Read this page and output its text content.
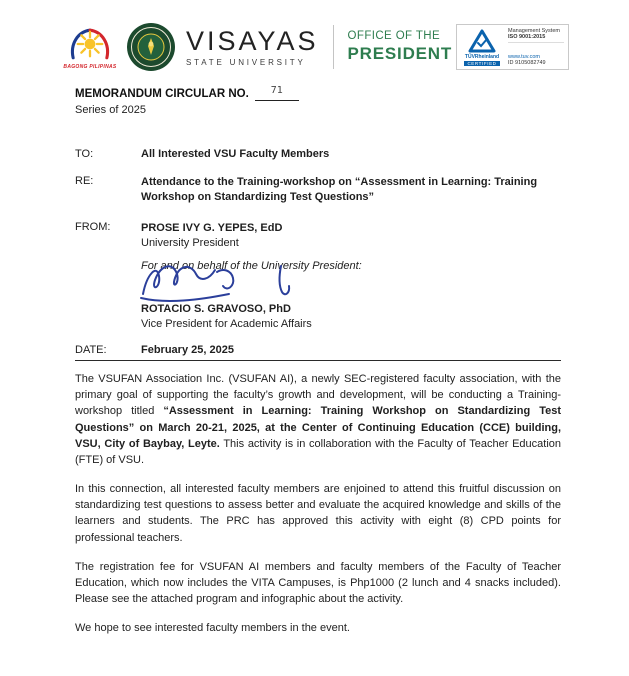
BAGONG PILIPINAS
VISAYAS
STATE UNIVERSITY
OFFICE OF THE
PRESIDENT	TÜVRheinland
CERTIFIED
Management System
ISO 9001:2015
www.tuv.com
ID 9105082749
MEMORANDUM CIRCULAR NO. 71
Series of 2025
TO:	All Interested VSU Faculty Members
RE:	Attendance to the Training-workshop on “Assessment in Learning: Training Workshop on Standardizing Test Questions”
FROM:	PROSE IVY G. YEPES, EdD
University President
For and on behalf of the University President:
ROTACIO S. GRAVOSO, PhD
Vice President for Academic Affairs
DATE:	February 25, 2025

The VSUFAN Association Inc. (VSUFAN AI), a newly SEC-registered faculty association, with the primary goal of supporting the faculty’s growth and development, will be conducting a Training-workshop titled “Assessment in Learning: Training Workshop on Standardizing Test Questions” on March 20-21, 2025, at the Center of Continuing Education (CCE) building, VSU, City of Baybay, Leyte. This activity is in collaboration with the Faculty of Teacher Education (FTE) of VSU.

In this connection, all interested faculty members are enjoined to attend this fruitful discussion on standardizing test questions to assess better and evaluate the acquired knowledge and skills of the learners and students. The PRC has approved this activity with eight (8) CPD points for professional teachers.

The registration fee for VSUFAN AI members and faculty members of the Faculty of Teacher Education, which now includes the VITA Campuses, is Php1000 (2 lunch and 4 snacks included). Please see the attached program and infographic about the activity.

We hope to see interested faculty members in the event.
